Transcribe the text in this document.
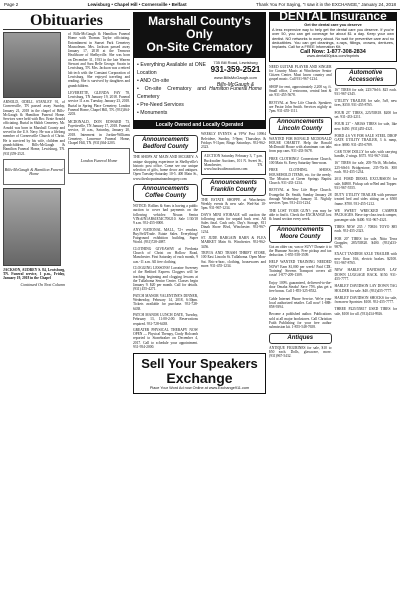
Page 2	Lewisburg • Chapel Hill • Cornersville • Belfast	Thank You For Saying, "I saw it in the EXCHANGE," January 24, 2018
Obituaries

ARNOLD, ODELL STANLEY 91, of Cornersville, TN passed away Sunday, January 21, 2018 in the chapel of Bills-McGaugh & Hamilton Funeral Home. Services were held with Bro. Ernie Arnold officiating. Burial in Shiloh Cemetery. Mr. Arnold was born in Marshall County and served in the U.S. Navy. He was a lifelong member of Cornersville Church of Christ. He is survived by his wife, children and grandchildren. Bills-McGaugh & Hamilton Funeral Home, Lewisburg, TN. (931)359-2521.

Bills-McGaugh & Hamilton Funeral Home

JACKSON, AUDREY S. 84, Lewisburg, TN. Funeral service, 1 p.m., Friday, January 19, 2018 in the Chapel

Continued On Next Column

of Bills-McGaugh & Hamilton Funeral Home with Thomas Taylor officiating. Entombment in Sunset Park Cemetery Mausoleum. Mrs. Jackson passed away January 17, 2018 at the Tennova Healthcare of Shelbyville. She was born on December 31, 1933 in the late Warren Stewart and Sara Belle George. Swain in Lewisburg, TN. Mrs. Jackson was a retired lab tech with the Constant Corporation of Lewisburg. She enjoyed traveling and reading. She is survived by daughters and grandchildren.

LEVERETTE, GLENDA FAY 78, Lewisburg, TN January 19, 2018. Funeral service 11 a.m. Tuesday, January 23, 2018. Burial in Spring Place Cemetery. London Funeral Home, Chapel Hill, TN. (931)364-2203.

MCDONALD, DON EDWARD 73, Fayetteville, TN January 17, 2018. Funeral service, 10 a.m., Saturday, January 20, 2018. Interment in Jordan-Williams Cemetery. Lawrence Funeral Home, Chapel Hill, TN. (931)364-2203.

London Funeral Home
Marshall County's Only
On-Site Crematory
• Everything Available at ONE Location
• AND On-site
• On-site Crematory and Cemetery
• Pre-Need Services
• Monuments
735 Bill Road, Lewisburg
931-359-2521
www.BillsMcGaugh.com
Bills-McGaugh & Hamilton Funeral Home
Locally Owned and Locally Operated
Announcements Bedford County

THE SHOPS AT MAIN AND MCGREY: A unique shopping experience in Shelbyville's historic post office. Come see our unique selection of gifts, home decor and antiques. Open Tuesday-Saturday 10-5. 400 Main St., www.theshopsatmainandmcgrey.com

Announcements Coffee County

NOTICE: Rollins & Sons is having a public auction to cover bad payments on the following vehicles: Nissan Sentra VIN:#JN1AB61E54C700210. Sale 1/30/18 9 a.m. 931-455-0000.

ANY NATIONAL MALL, 72+ vendors. Buy/Sell/Trade. Estate Sales. Everything! Fairground exhibition building. Super World. (931)728-4087.

CLOTHING GIVEAWAY at Fredonia Church of Christ on Hollow Road, Manchester. First Saturday of each month, 9 a.m.-11 a.m. All free clothing.

CLOGGING LESSONS! Lorraine Sweeney of the Bedford Express Cloggers will be teaching beginning and clogging lessons at the Tullahoma Senior Center. Classes begin January 9. $20 per month. Call for details. (931) 455-4271.

PATCH MANOR VALENTINE'S DINNER, Wednesday, February 14, 2018, 6:30pm. Tickets available for purchase. 931-728-6438.

PATCH MANOR LUNCH DATE, Tuesday, February 13, 11:00-2:00. Reservations required. 931-728-6438.

GREATER PHYSICAL THERAPY NOW OPEN — Physical Therapy, Cindy Holcomb reported to Stonebraker on December 4, 2017. Call to schedule your appointment. 931-954-2000.

WEEKLY EVENTS at VFW Post 10904 Belvidere, Sunday, 5-9pm; Thursdays & Fridays 9-11pm; Bingo Saturdays. 931-962-2323.

AUCTION Saturday February 3, 7 p.m. Buckwalter Auctions, 101 N. Sweet St., Manchester, TN. www.buckwalterauctions.com

Announcements Franklin County

THE ESTATE SHOPPE at Winchester. Weekly events & new sale. Wed-Sat 10-5pm. 931-967-1234.

DAY'S MINI STORAGE will auction the following units for unpaid back rent. All Sales final. Cash only. Day's Storage, 811 Dinah Shore Blvd, Winchester. 931-967-1234.

ST. JUDE BARGAIN BARN & FLEA MARKET Main St. Winchester. 931-962-3456.

TRIVIA AND TRASH THRIFT STORE, 100 East Lincoln St. Tullahoma. Open Mon-Sat. Bric-a-brac, clothing, housewares and more. 931-455-1234.

Sell Your Speakers
Exchange
Place Your Word Ad now Online at www.Exchange911.com
DENTAL Insurance
Get the dental care you deserve

A less expensive way to help get the dental care you deserve. If you're over 50, you can get coverage for about $1 a day. Keep your own dentist. NO networks to worry about. No wait for preventive care and no deductibles. You can get cleanings, x-rays, fillings, crowns, dentures, implants. Call for a FREE Information Kit.

Call Now: 1-877-308-2834
www.dental50plus.com/tnprints

NEED GUITAR PLAYER AND SINGER for Country Music at Winchester Senior Citizen Center. Must know country and gospel music. Call 931-967-1234.

SHOP for rent, approximately 2,200 sq. ft. Small office, 2 restrooms, central heat & air. 931-455-5678.

REVIVAL at New Life Church. Speakers are Pastor John Smith. Services nightly at 7pm. 931-455-1111.

Announcements Lincoln County

WANTED FOR RONALD MCDONALD HOUSE CHARITY. Help the Ronald McDonald House with aluminum can tabs from pop cans. 931-433-5678.

FREE CLOTHING! Cornerstone Church, 100 Main St. Every Saturday 9am-noon.

FREE CLOTHING. SHOES, HOUSEHOLD ITEMS, etc. for the needy. The Mission at Green Springs Baptist Church. 931-433-1234.

REVIVAL at New Life Hope Church. Evangelist Dr. Smith, Sunday January 28 through Wednesday January 31. Nightly services 7pm. 931-433-1234.

THE LOST YOUR GUN?: you may be able to find it. Check the EXCHANGE lost & found section every week.

Announcements Moore County

Got an older car, van or SUV? Donate it to the Humane Society. Free pickup and tax deduction. 1-855-558-3509.

HELP WANTED TRAINING NEEDED NOW! Earn $1,000 per week! Paid CDL Training! Stevens Transport covers all costs! 1-877-209-1309.

Enjoy 100% guaranteed, delivered-to-the-door Omaha Steaks! Save 75% plus get a free bonus. Call 1-855-325-8532.

Cable Internet Phone Service. We're your local authorized retailer. Call now! 1-888-858-9394.

Become a published author. Publications sold at all major bookstores. Call Christian Faith Publishing for your free author submission kit. 1-855-548-7658.

Antiques

ANTIQUE FIGURINES for sale, $10 to $50 each. Dolls, glassware, more. (931)967-5432.

Automotive Accessories

16" TIRES for sale, 225/70r16. $25 each. 931-967-2345.

UTILITY TRAILER for sale, 5x8, new tires, $350. 931-455-8765.

FOUR 23" TIRES, 225/55R18. $200 for set. 931-433-2211.

FOUR 23" - ARIAS TIRES for sale, like new. $450. (931)455-4321.

FORD 4.6 V8 FOR SALE STEEL DROP GATE UTILITY TRAILER, 3 ft. ramp, nice. $800. 931-455-6789.

CAR TOW DOLLY for sale, with carrying handle, 2 wings. $375. 931-967-3344.

16" TIRES for sale, 205-70r16, Michelin, 225-60r16 Bridgestone, 235-70r16. $50 each. 931-455-1234.

2011 FORD DIESEL EXCURSION for sale, $4800. Pickup cab w/Bed and Topper. 931-967-5555.

DUTY UTILITY TRAILER with pressure treated bed and sides sitting on a 6500 frame. $700. 931-455-1212.

WE SWEET WRECKED CAMPER PACKAGES. Have top-class truck camper, passenger side. $400. 931-967-4321.

TIRES NEW 235 / 70R16 TOYO $85 each. 931-455-2323.

FOR 20" TIRES for sale, Nitto Terra Grappler, 285/55R20. $400. (931)433-9876.

EXACT TANDEM AXLE TRAILER with new floor. 16ft, electric brakes. $2100. 931-967-8765.

NEW HARLEY DAVIDSON LAY DOWN LUGGAGE RACK. $150. 931-455-7777.

HARLEY DAVIDSON LAY DOWN TAG HOLDER for sale. $40. (931)455-7777.

HARLEY DAVIDSON SHOCKS for sale, from new Sportster. $100. 931-455-7777.

THREE P225/55R17 USED TIRES for sale, $100 for all. (931)434-9926.
